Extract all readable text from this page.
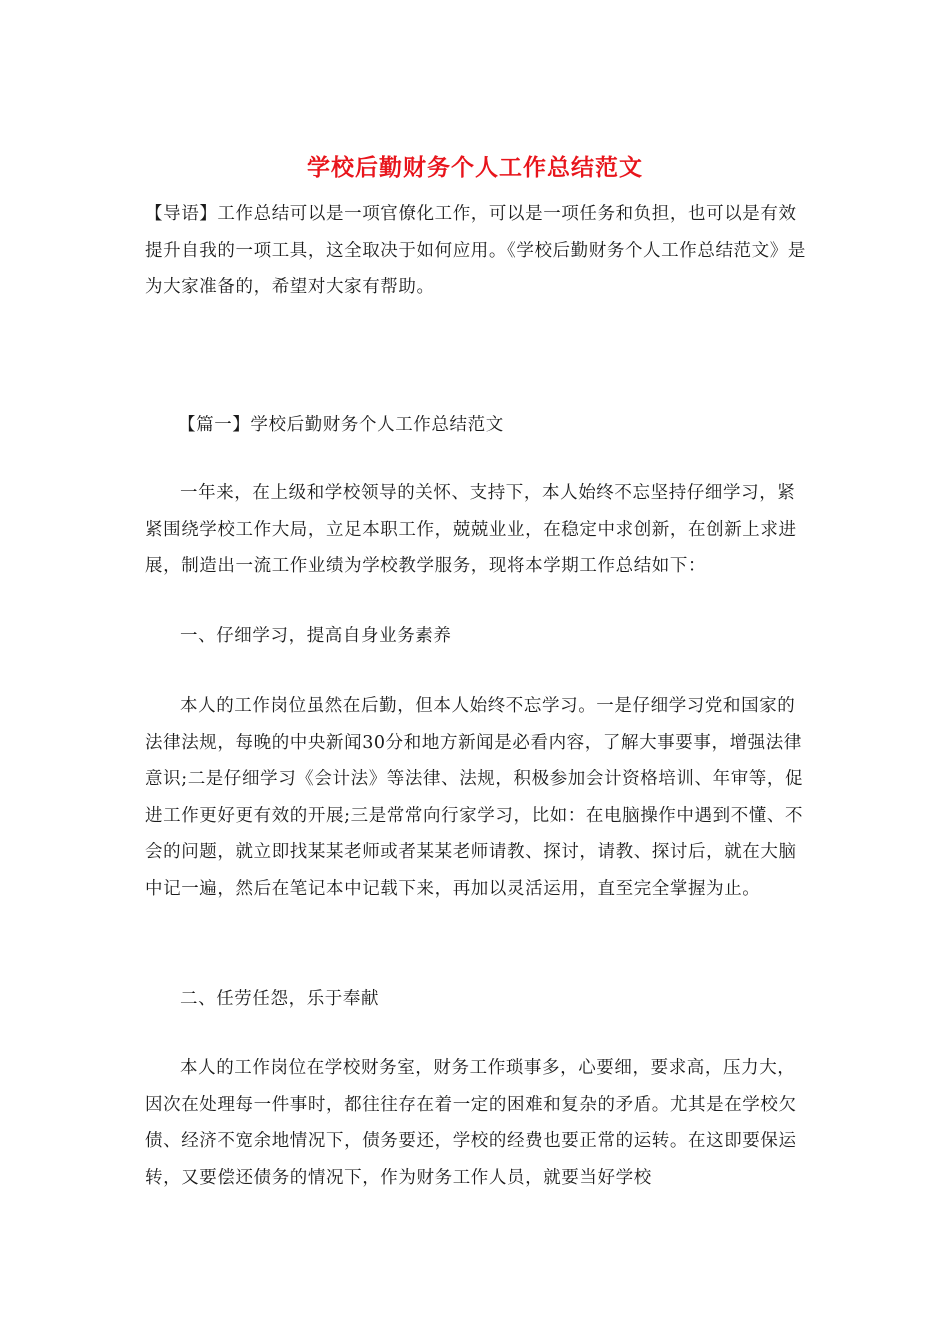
学校后勤财务个人工作总结范文

【导语】工作总结可以是一项官僚化工作，可以是一项任务和负担，也可以是有效提升自我的一项工具，这全取决于如何应用。《学校后勤财务个人工作总结范文》是为大家准备的，希望对大家有帮助。

【篇一】学校后勤财务个人工作总结范文

一年来，在上级和学校领导的关怀、支持下，本人始终不忘坚持仔细学习，紧紧围绕学校工作大局，立足本职工作，兢兢业业，在稳定中求创新，在创新上求进展，制造出一流工作业绩为学校教学服务，现将本学期工作总结如下：

一、仔细学习，提高自身业务素养

本人的工作岗位虽然在后勤，但本人始终不忘学习。一是仔细学习党和国家的法律法规，每晚的中央新闻30分和地方新闻是必看内容，了解大事要事，增强法律意识;二是仔细学习《会计法》等法律、法规，积极参加会计资格培训、年审等，促进工作更好更有效的开展;三是常常向行家学习，比如：在电脑操作中遇到不懂、不会的问题，就立即找某某老师或者某某老师请教、探讨，请教、探讨后，就在大脑中记一遍，然后在笔记本中记载下来，再加以灵活运用，直至完全掌握为止。

二、任劳任怨，乐于奉献

本人的工作岗位在学校财务室，财务工作琐事多，心要细，要求高，压力大，因次在处理每一件事时，都往往存在着一定的困难和复杂的矛盾。尤其是在学校欠债、经济不宽余地情况下，债务要还，学校的经费也要正常的运转。在这即要保运转，又要偿还债务的情况下，作为财务工作人员，就要当好学校
